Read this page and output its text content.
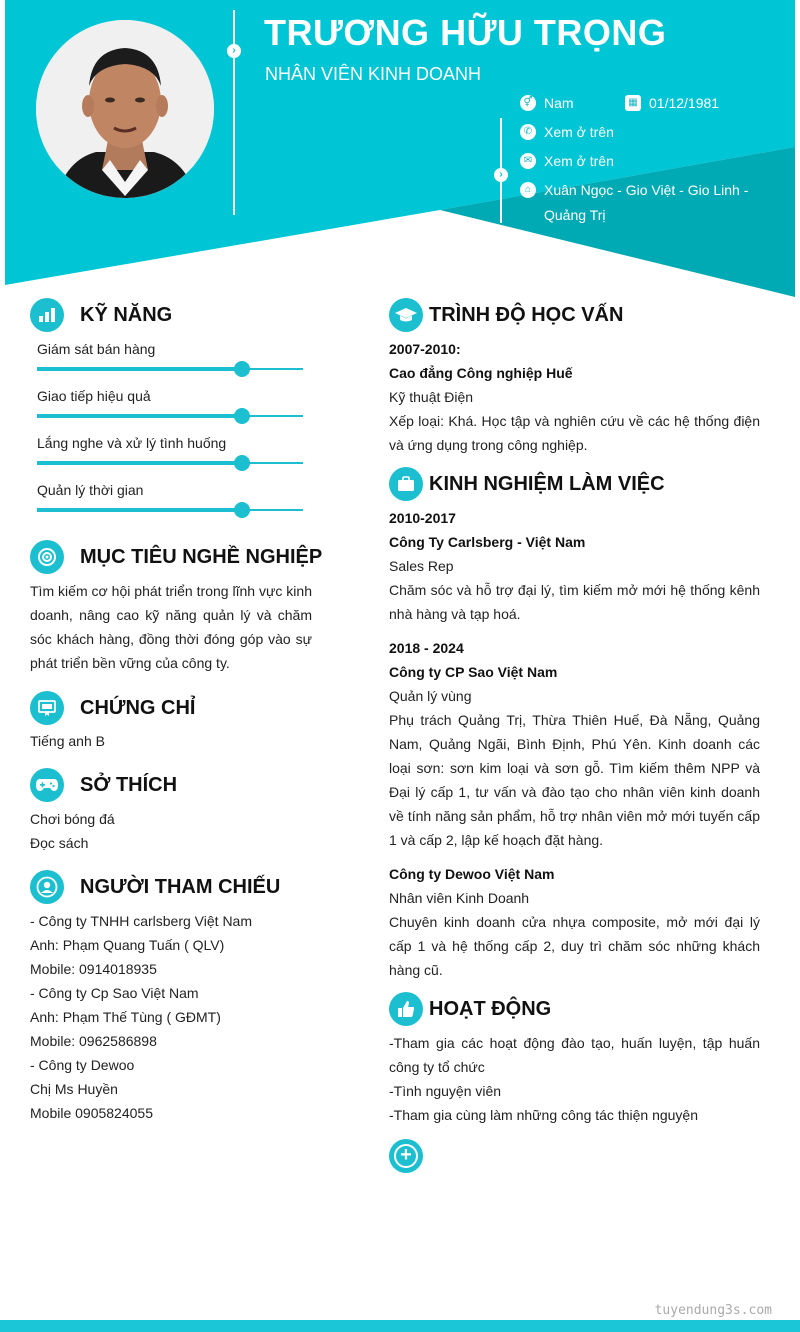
› TRƯƠNG HỮU TRỌNG
NHÂN VIÊN KINH DOANH
›
⚥ Nam	▦ 01/12/1981
✆ Xem ở trên
✉ Xem ở trên
⌂ Xuân Ngọc - Gio Việt - Gio Linh - Quảng Trị
KỸ NĂNG
Giám sát bán hàng
Giao tiếp hiệu quả
Lắng nghe và xử lý tình huống
Quản lý thời gian
MỤC TIÊU NGHỀ NGHIỆP
Tìm kiếm cơ hội phát triển trong lĩnh vực kinh doanh, nâng cao kỹ năng quản lý và chăm sóc khách hàng, đồng thời đóng góp vào sự phát triển bền vững của công ty.
CHỨNG CHỈ
Tiếng anh B
SỞ THÍCH
Chơi bóng đá
Đọc sách
NGƯỜI THAM CHIẾU
- Công ty TNHH carlsberg Việt Nam
Anh: Phạm Quang Tuấn ( QLV)
Mobile: 0914018935
- Công ty Cp Sao Việt Nam
Anh: Phạm Thế Tùng ( GĐMT)
Mobile: 0962586898
- Công ty Dewoo
Chị Ms Huyền
Mobile 0905824055
TRÌNH ĐỘ HỌC VẤN
2007-2010:
Cao đẳng Công nghiệp Huế
Kỹ thuật Điện
Xếp loại: Khá. Học tập và nghiên cứu về các hệ thống điện và ứng dụng trong công nghiệp.
KINH NGHIỆM LÀM VIỆC
2010-2017
Công Ty Carlsberg - Việt Nam
Sales Rep
Chăm sóc và hỗ trợ đại lý, tìm kiếm mở mới hệ thống kênh nhà hàng và tạp hoá.
2018 - 2024
Công ty CP Sao Việt Nam
Quản lý vùng
Phụ trách Quảng Trị, Thừa Thiên Huế, Đà Nẵng, Quảng Nam, Quảng Ngãi, Bình Định, Phú Yên. Kinh doanh các loại sơn: sơn kim loại và sơn gỗ. Tìm kiếm thêm NPP và Đại lý cấp 1, tư vấn và đào tạo cho nhân viên kinh doanh về tính năng sản phẩm, hỗ trợ nhân viên mở mới tuyến cấp 1 và cấp 2, lập kế hoạch đặt hàng.
Công ty Dewoo Việt Nam
Nhân viên Kinh Doanh
Chuyên kinh doanh cửa nhựa composite, mở mới đại lý cấp 1 và hệ thống cấp 2, duy trì chăm sóc những khách hàng cũ.
HOẠT ĐỘNG
-Tham gia các hoạt động đào tạo, huấn luyện, tập huấn công ty tổ chức
-Tình nguyện viên
-Tham gia cùng làm những công tác thiện nguyện
+
tuyendung3s.com
